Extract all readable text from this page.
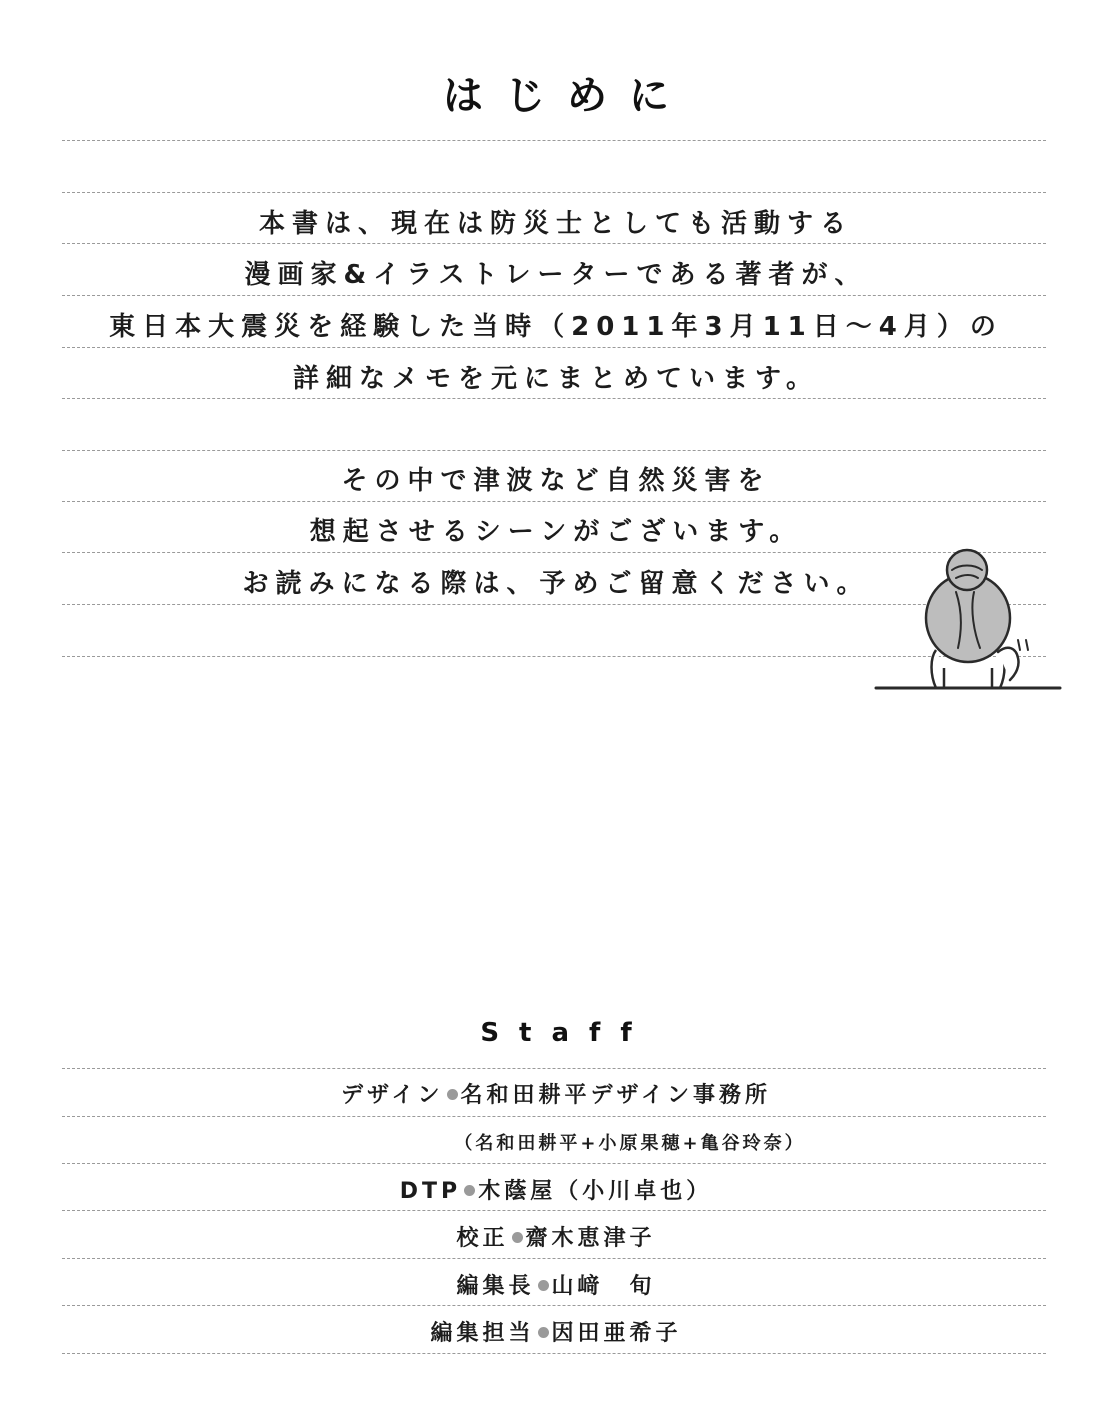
はじめに
本書は、現在は防災士としても活動する
漫画家&イラストレーターである著者が、
東日本大震災を経験した当時（2011年3月11日～4月）の
詳細なメモを元にまとめています。
その中で津波など自然災害を
想起させるシーンがございます。
お読みになる際は、予めご留意ください。
Staff
デザイン 名和田耕平デザイン事務所
（名和田耕平+小原果穂+亀谷玲奈）
DTP 木蔭屋（小川卓也）
校正 齋木恵津子
編集長 山﨑　旬
編集担当 因田亜希子
